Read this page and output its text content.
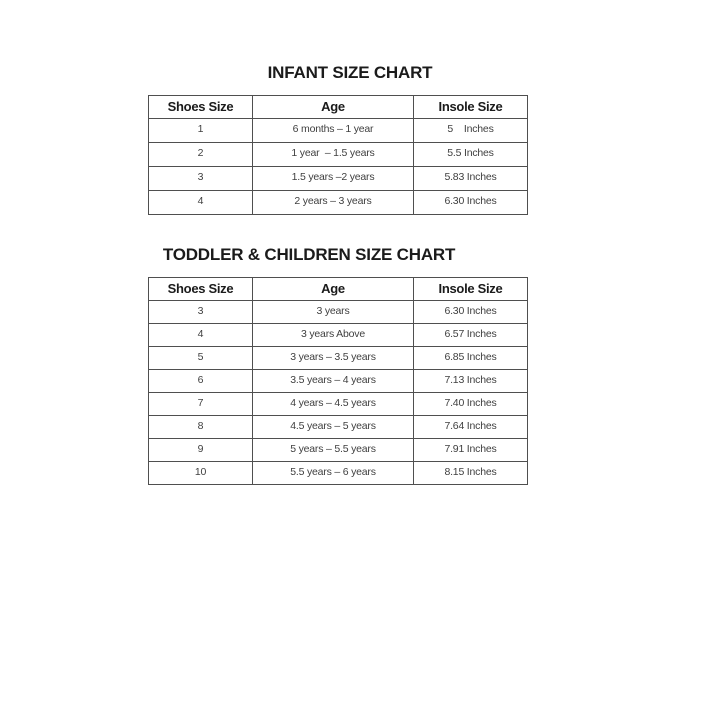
INFANT SIZE CHART
Shoes Size	Age	Insole Size
1	6 months – 1 year	5    Inches
2	1 year  – 1.5 years	5.5 Inches
3	1.5 years –2 years	5.83 Inches
4	2 years – 3 years	6.30 Inches
TODDLER & CHILDREN SIZE CHART
Shoes Size	Age	Insole Size
3	3 years	6.30 Inches
4	3 years Above	6.57 Inches
5	3 years – 3.5 years	6.85 Inches
6	3.5 years – 4 years	7.13 Inches
7	4 years – 4.5 years	7.40 Inches
8	4.5 years – 5 years	7.64 Inches
9	5 years – 5.5 years	7.91 Inches
10	5.5 years – 6 years	8.15 Inches
